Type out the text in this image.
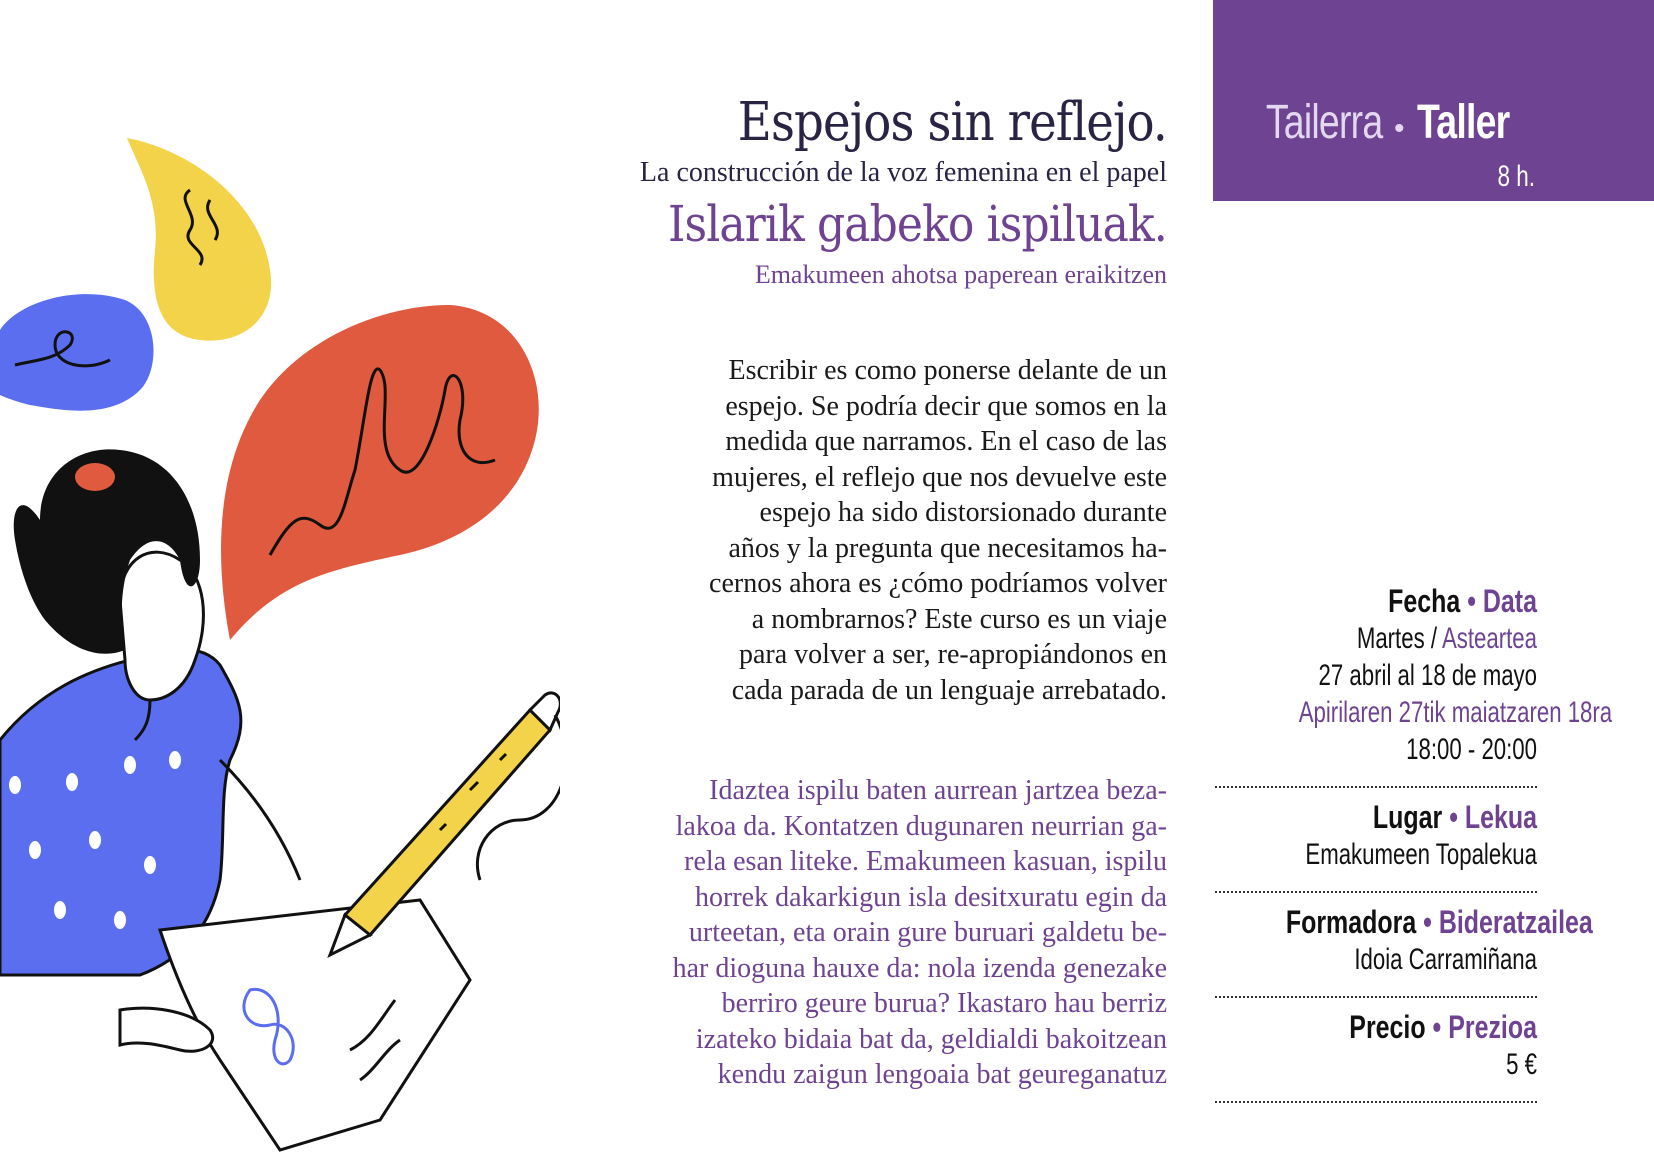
Tailerra • Taller
8 h.
Espejos sin reflejo.
La construcción de la voz femenina en el papel
Islarik gabeko ispiluak.
Emakumeen ahotsa paperean eraikitzen
Escribir es como ponerse delante de un
espejo. Se podría decir que somos en la
medida que narramos. En el caso de las
mujeres, el reflejo que nos devuelve este
espejo ha sido distorsionado durante
años y la pregunta que necesitamos ha-
cernos ahora es ¿cómo podríamos volver
a nombrarnos? Este curso es un viaje
para volver a ser, re-apropiándonos en
cada parada de un lenguaje arrebatado.
Idaztea ispilu baten aurrean jartzea beza-
lakoa da. Kontatzen dugunaren neurrian ga-
rela esan liteke. Emakumeen kasuan, ispilu
horrek dakarkigun isla desitxuratu egin da
urteetan, eta orain gure buruari galdetu be-
har dioguna hauxe da: nola izenda genezake
berriro geure burua? Ikastaro hau berriz
izateko bidaia bat da, geldialdi bakoitzean
kendu zaigun lengoaia bat geureganatuz
Fecha • Data
Martes / Asteartea
27 abril al 18 de mayo
Apirilaren 27tik maiatzaren 18ra
18:00 - 20:00
Lugar • Lekua
Emakumeen Topalekua
Formadora • Bideratzailea
Idoia Carramiñana
Precio • Prezioa
5 €
